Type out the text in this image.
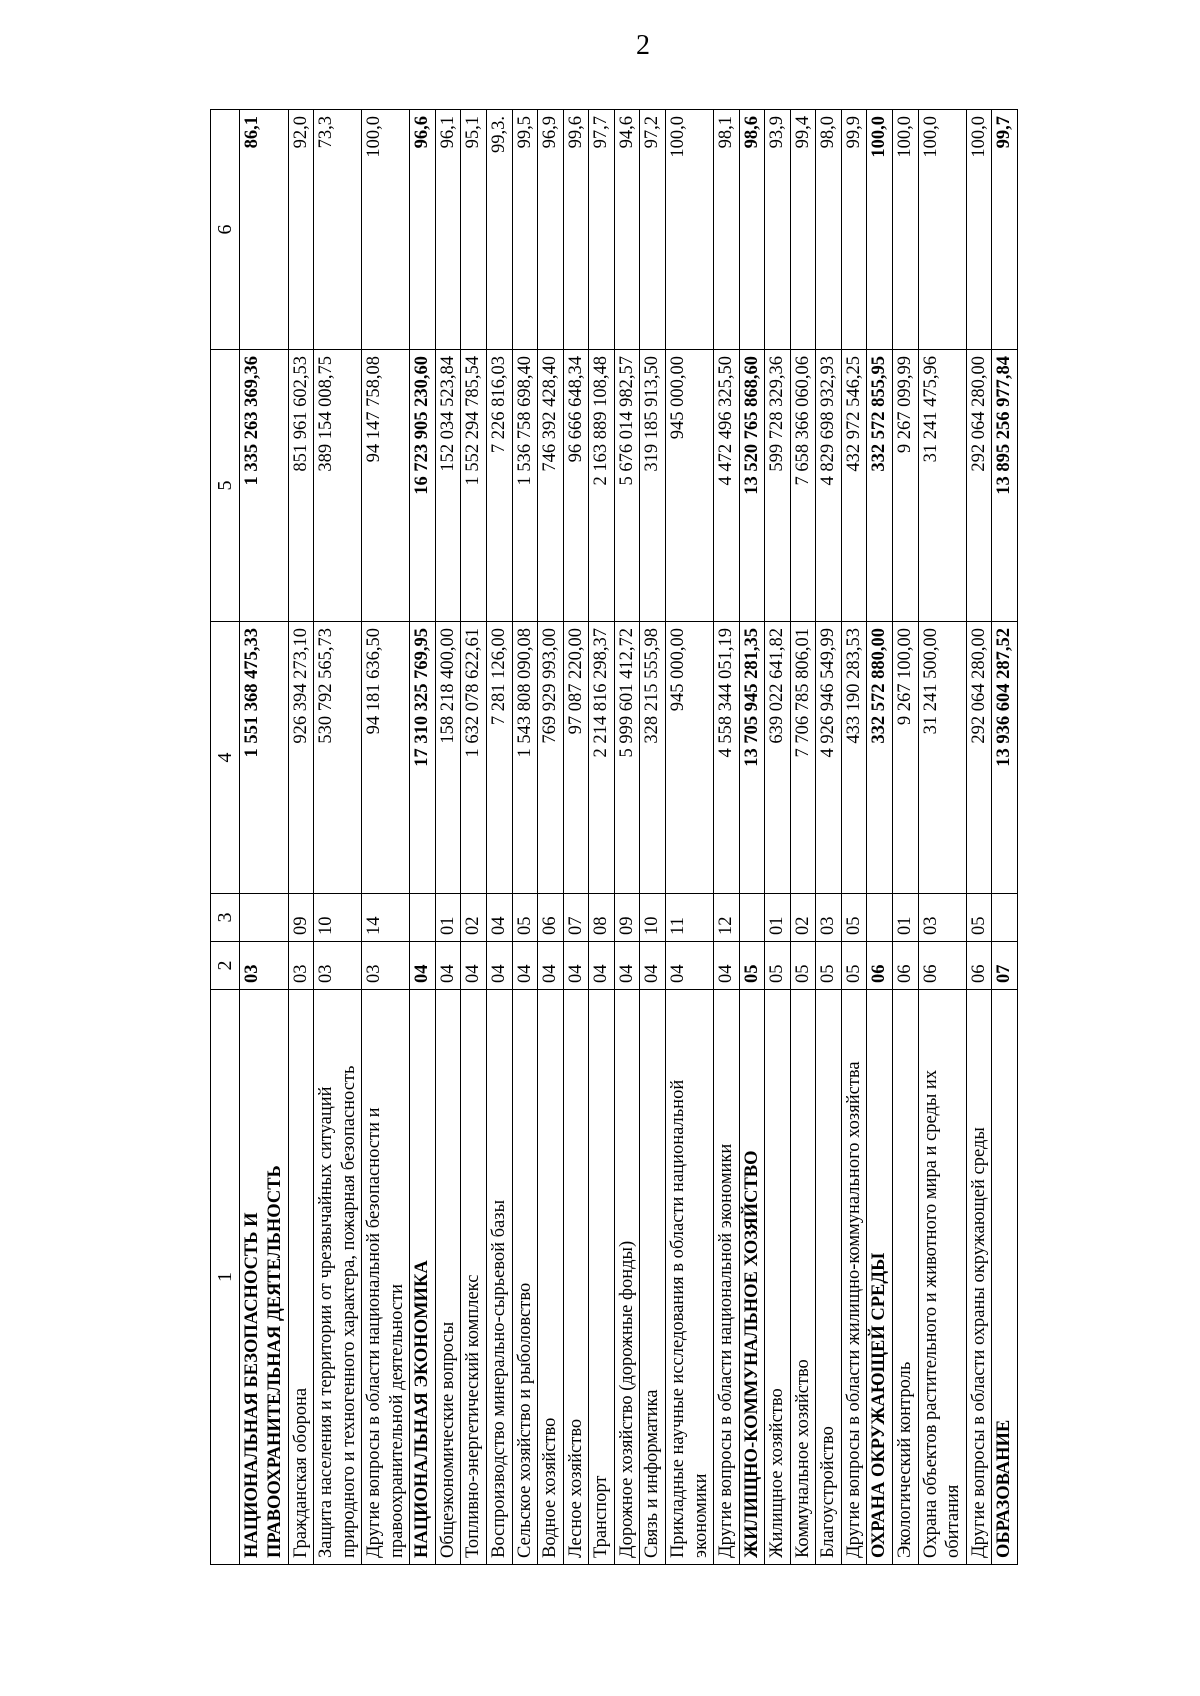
2
1	2	3	4	5	6
НАЦИОНАЛЬНАЯ БЕЗОПАСНОСТЬ И ПРАВООХРАНИТЕЛЬНАЯ ДЕЯТЕЛЬНОСТЬ	03		1 551 368 475,33	1 335 263 369,36	86,1
Гражданская оборона	03	09	926 394 273,10	851 961 602,53	92,0
Защита населения и территории от чрезвычайных ситуаций природного и техногенного характера, пожарная безопасность	03	10	530 792 565,73	389 154 008,75	73,3
Другие вопросы в области национальной безопасности и правоохранительной деятельности	03	14	94 181 636,50	94 147 758,08	100,0
НАЦИОНАЛЬНАЯ ЭКОНОМИКА	04		17 310 325 769,95	16 723 905 230,60	96,6
Общеэкономические вопросы	04	01	158 218 400,00	152 034 523,84	96,1
Топливно-энергетический комплекс	04	02	1 632 078 622,61	1 552 294 785,54	95,1
Воспроизводство минерально-сырьевой базы	04	04	7 281 126,00	7 226 816,03	99,3.
Сельское хозяйство и рыболовство	04	05	1 543 808 090,08	1 536 758 698,40	99,5
Водное хозяйство	04	06	769 929 993,00	746 392 428,40	96,9
Лесное хозяйство	04	07	97 087 220,00	96 666 648,34	99,6
Транспорт	04	08	2 214 816 298,37	2 163 889 108,48	97,7
Дорожное хозяйство (дорожные фонды)	04	09	5 999 601 412,72	5 676 014 982,57	94,6
Связь и информатика	04	10	328 215 555,98	319 185 913,50	97,2
Прикладные научные исследования в области национальной экономики	04	11	945 000,00	945 000,00	100,0
Другие вопросы в области национальной экономики	04	12	4 558 344 051,19	4 472 496 325,50	98,1
ЖИЛИЩНО-КОММУНАЛЬНОЕ ХОЗЯЙСТВО	05		13 705 945 281,35	13 520 765 868,60	98,6
Жилищное хозяйство	05	01	639 022 641,82	599 728 329,36	93,9
Коммунальное хозяйство	05	02	7 706 785 806,01	7 658 366 060,06	99,4
Благоустройство	05	03	4 926 946 549,99	4 829 698 932,93	98,0
Другие вопросы в области жилищно-коммунального хозяйства	05	05	433 190 283,53	432 972 546,25	99,9
ОХРАНА ОКРУЖАЮЩЕЙ СРЕДЫ	06		332 572 880,00	332 572 855,95	100,0
Экологический контроль	06	01	9 267 100,00	9 267 099,99	100,0
Охрана объектов растительного и животного мира и среды их обитания	06	03	31 241 500,00	31 241 475,96	100,0
Другие вопросы в области охраны окружающей среды	06	05	292 064 280,00	292 064 280,00	100,0
ОБРАЗОВАНИЕ	07		13 936 604 287,52	13 895 256 977,84	99,7
